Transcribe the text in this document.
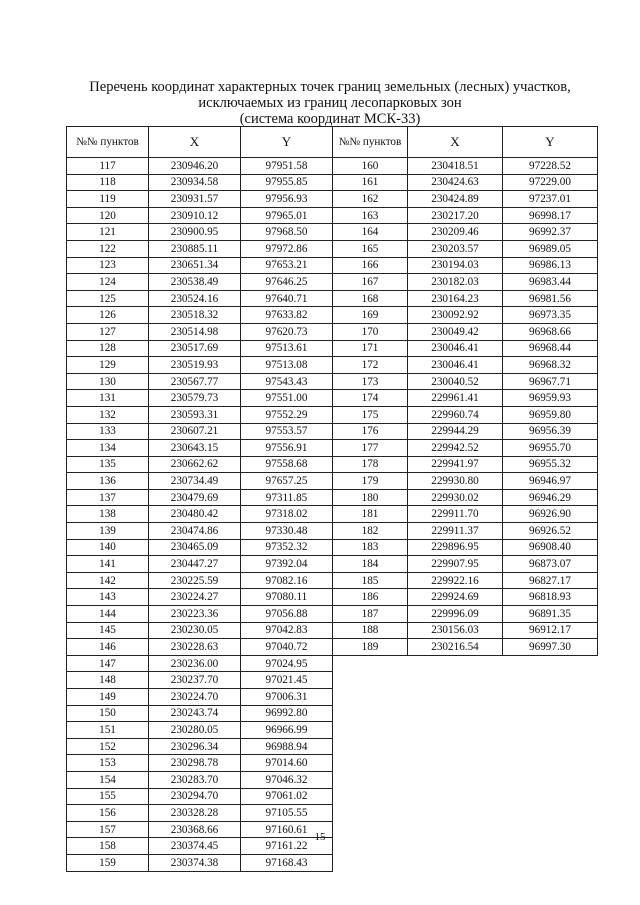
Перечень координат характерных точек границ земельных (лесных) участков,
исключаемых из границ лесопарковых зон
(система координат МСК-33)
№№ пунктов	X	Y
117	230946.20	97951.58
118	230934.58	97955.85
119	230931.57	97956.93
120	230910.12	97965.01
121	230900.95	97968.50
122	230885.11	97972.86
123	230651.34	97653.21
124	230538.49	97646.25
125	230524.16	97640.71
126	230518.32	97633.82
127	230514.98	97620.73
128	230517.69	97513.61
129	230519.93	97513.08
130	230567.77	97543.43
131	230579.73	97551.00
132	230593.31	97552.29
133	230607.21	97553.57
134	230643.15	97556.91
135	230662.62	97558.68
136	230734.49	97657.25
137	230479.69	97311.85
138	230480.42	97318.02
139	230474.86	97330.48
140	230465.09	97352.32
141	230447.27	97392.04
142	230225.59	97082.16
143	230224.27	97080.11
144	230223.36	97056.88
145	230230.05	97042.83
146	230228.63	97040.72
147	230236.00	97024.95
148	230237.70	97021.45
149	230224.70	97006.31
150	230243.74	96992.80
151	230280.05	96966.99
152	230296.34	96988.94
153	230298.78	97014.60
154	230283.70	97046.32
155	230294.70	97061.02
156	230328.28	97105.55
157	230368.66	97160.61
158	230374.45	97161.22
159	230374.38	97168.43
№№ пунктов	X	Y
160	230418.51	97228.52
161	230424.63	97229.00
162	230424.89	97237.01
163	230217.20	96998.17
164	230209.46	96992.37
165	230203.57	96989.05
166	230194.03	96986.13
167	230182.03	96983.44
168	230164.23	96981.56
169	230092.92	96973.35
170	230049.42	96968.66
171	230046.41	96968.44
172	230046.41	96968.32
173	230040.52	96967.71
174	229961.41	96959.93
175	229960.74	96959.80
176	229944.29	96956.39
177	229942.52	96955.70
178	229941.97	96955.32
179	229930.80	96946.97
180	229930.02	96946.29
181	229911.70	96926.90
182	229911.37	96926.52
183	229896.95	96908.40
184	229907.95	96873.07
185	229922.16	96827.17
186	229924.69	96818.93
187	229996.09	96891.35
188	230156.03	96912.17
189	230216.54	96997.30
15
